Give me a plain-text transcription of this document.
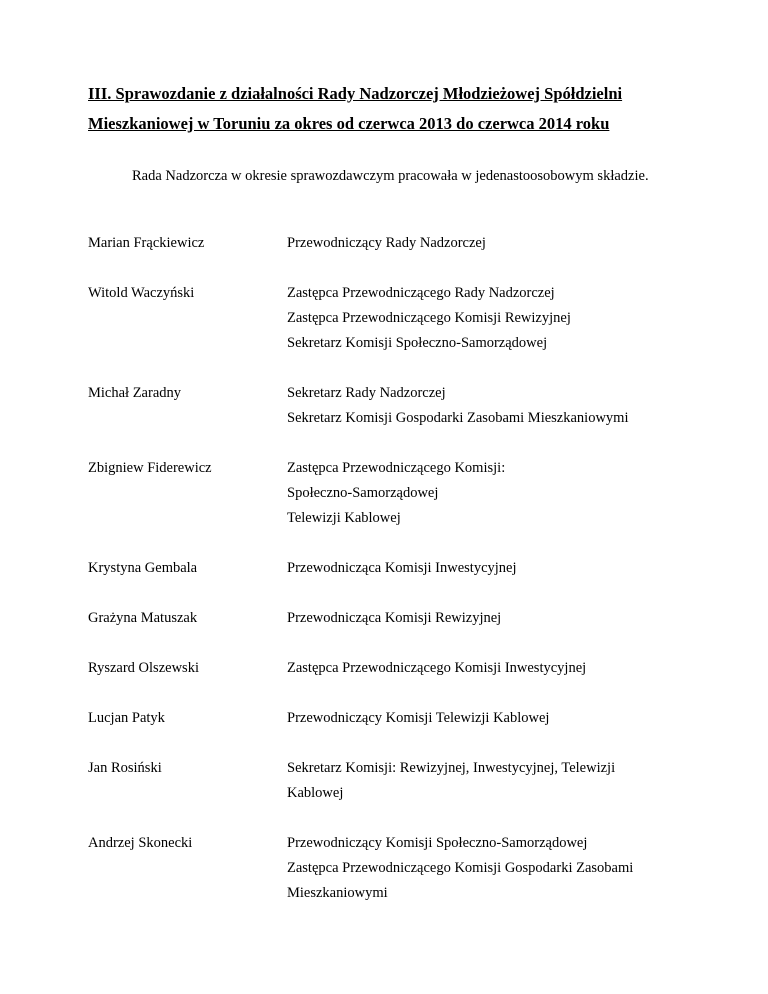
III. Sprawozdanie z działalności Rady Nadzorczej Młodzieżowej Spółdzielni
Mieszkaniowej w Toruniu za okres od czerwca 2013 do czerwca 2014 roku

Rada Nadzorcza w okresie sprawozdawczym pracowała w jedenastoosobowym składzie.

Marian Frąckiewicz	Przewodniczący Rady Nadzorczej
Witold Waczyński	Zastępca Przewodniczącego Rady Nadzorczej
Zastępca Przewodniczącego Komisji Rewizyjnej
Sekretarz Komisji Społeczno-Samorządowej
Michał Zaradny	Sekretarz Rady Nadzorczej
Sekretarz Komisji Gospodarki Zasobami Mieszkaniowymi
Zbigniew Fiderewicz	Zastępca Przewodniczącego Komisji:
Społeczno-Samorządowej
Telewizji Kablowej
Krystyna Gembala	Przewodnicząca Komisji Inwestycyjnej
Grażyna Matuszak	Przewodnicząca Komisji Rewizyjnej
Ryszard Olszewski	Zastępca Przewodniczącego Komisji Inwestycyjnej
Lucjan Patyk	Przewodniczący Komisji Telewizji Kablowej
Jan Rosiński	Sekretarz Komisji: Rewizyjnej, Inwestycyjnej, Telewizji Kablowej
Andrzej Skonecki	Przewodniczący Komisji Społeczno-Samorządowej
Zastępca Przewodniczącego Komisji Gospodarki Zasobami Mieszkaniowymi
